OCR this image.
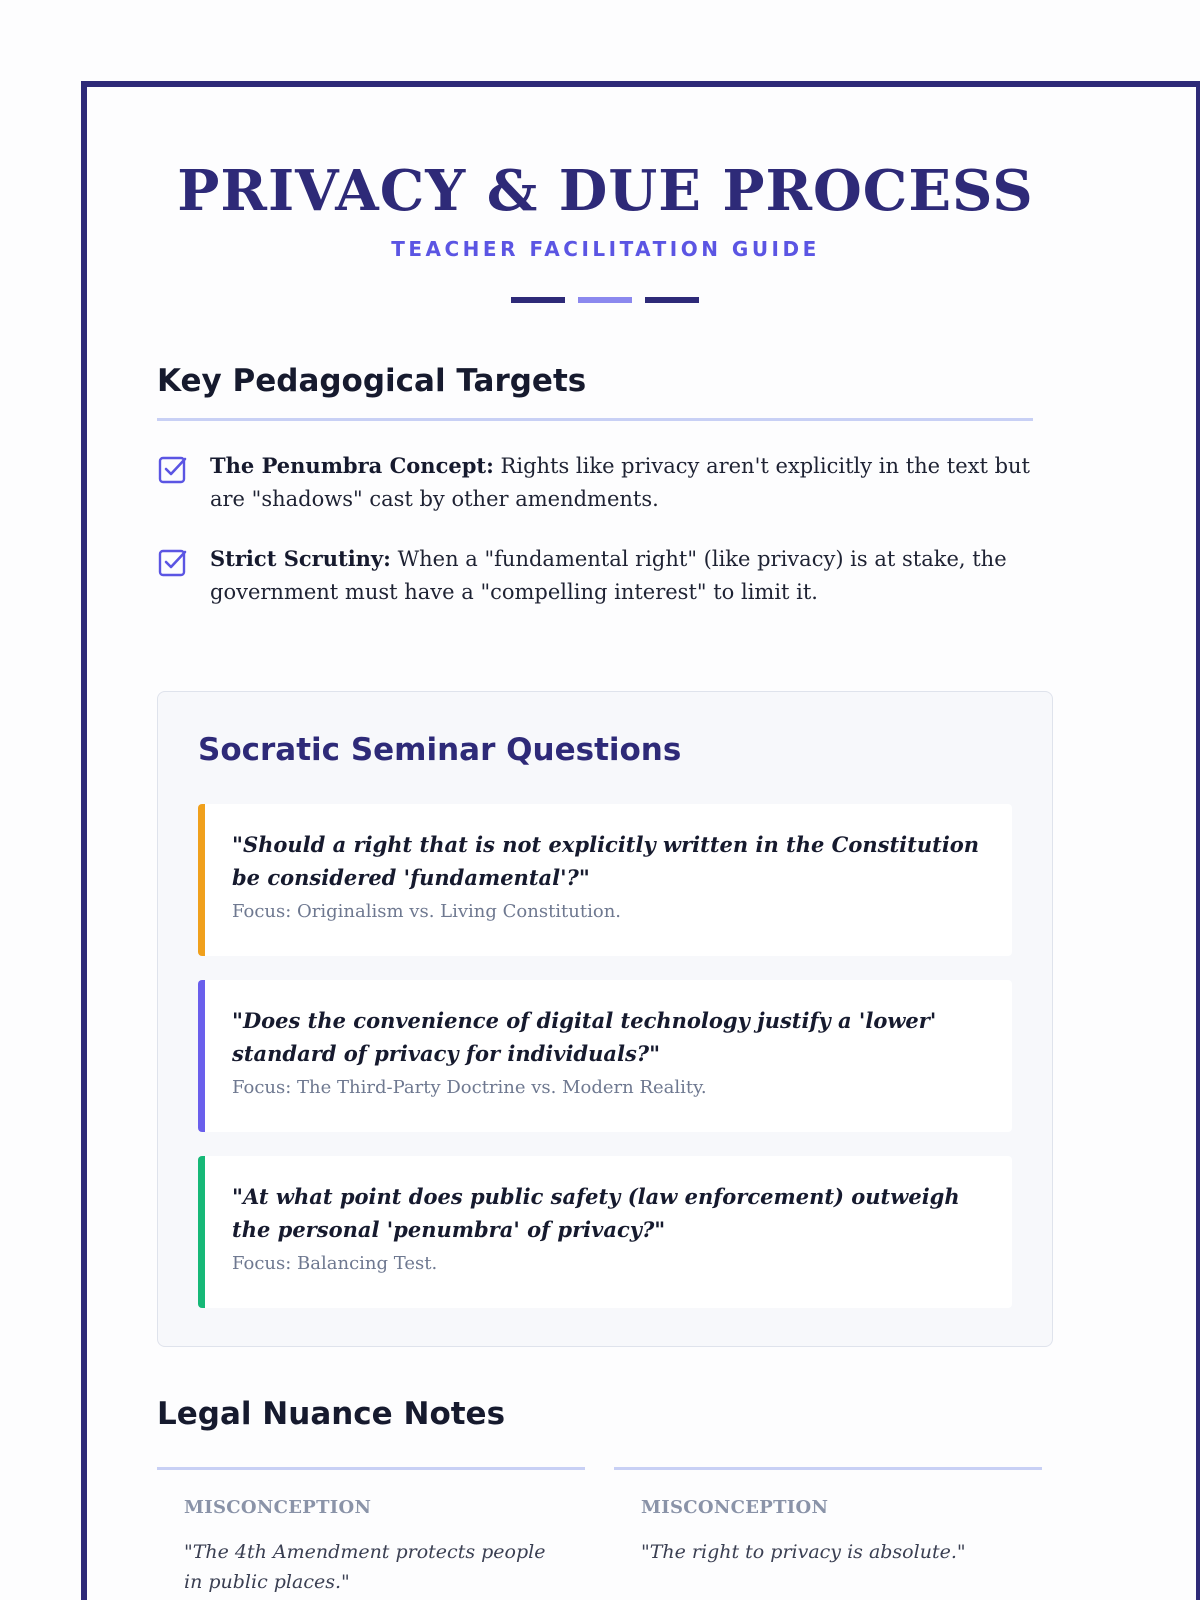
PRIVACY & DUE PROCESS
TEACHER FACILITATION GUIDE
Key Pedagogical Targets
The Penumbra Concept: Rights like privacy aren't explicitly in the text but are "shadows" cast by other amendments.
Strict Scrutiny: When a "fundamental right" (like privacy) is at stake, the government must have a "compelling interest" to limit it.
Socratic Seminar Questions
"Should a right that is not explicitly written in the Constitution be considered 'fundamental'?"
Focus: Originalism vs. Living Constitution.
"Does the convenience of digital technology justify a 'lower' standard of privacy for individuals?"
Focus: The Third-Party Doctrine vs. Modern Reality.
"At what point does public safety (law enforcement) outweigh the personal 'penumbra' of privacy?"
Focus: Balancing Test.
Legal Nuance Notes
MISCONCEPTION
"The 4th Amendment protects people in public places."
MISCONCEPTION
"The right to privacy is absolute."
